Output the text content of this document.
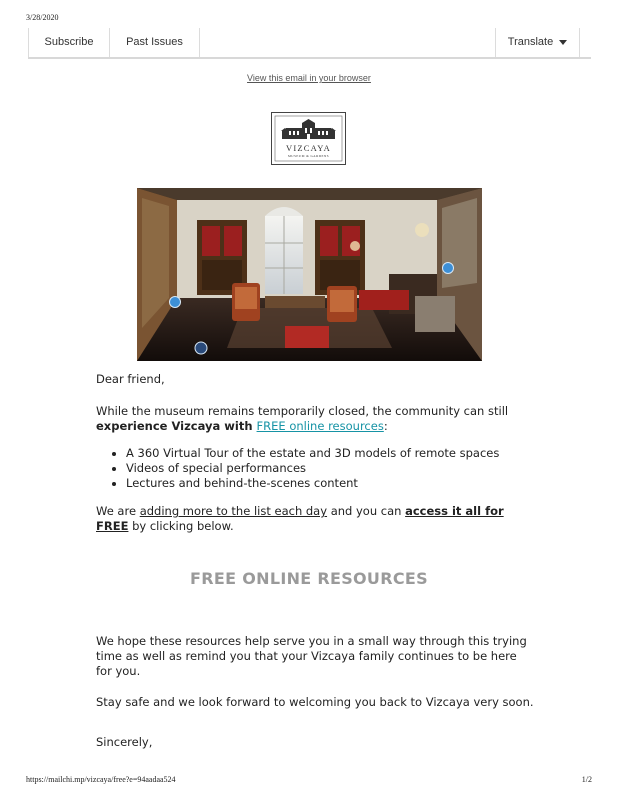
3/28/2020
Subscribe	Past Issues	Translate
View this email in your browser
VIZCAYA
MUSEUM & GARDENS

Dear friend,

While the museum remains temporarily closed, the community can still experience Vizcaya with FREE online resources:

• A 360 Virtual Tour of the estate and 3D models of remote spaces
• Videos of special performances
• Lectures and behind-the-scenes content

We are adding more to the list each day and you can access it all for FREE by clicking below.

FREE ONLINE RESOURCES

We hope these resources help serve you in a small way through this trying time as well as remind you that your Vizcaya family continues to be here for you.

Stay safe and we look forward to welcoming you back to Vizcaya very soon.

Sincerely,

https://mailchi.mp/vizcaya/free?e=94aadaa524	1/2
